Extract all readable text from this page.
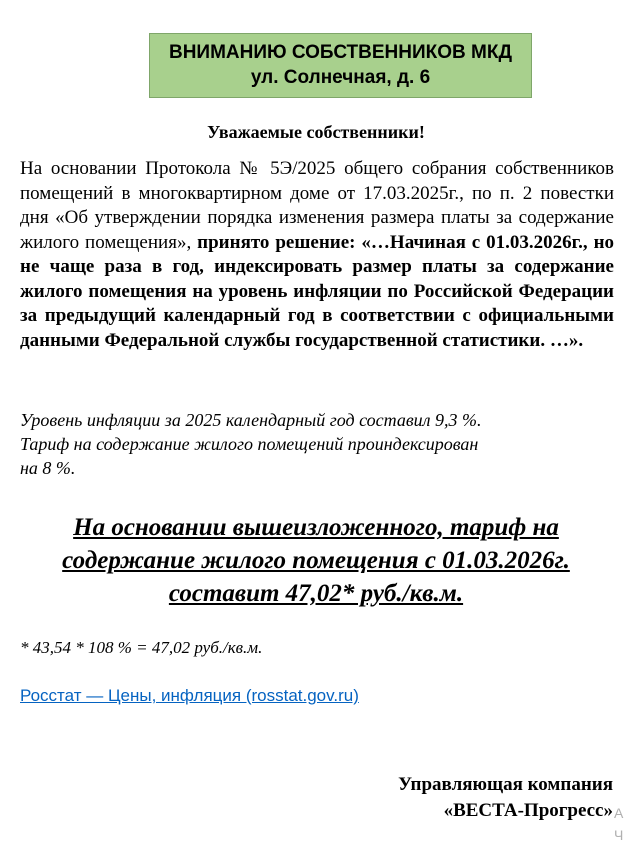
ВНИМАНИЮ СОБСТВЕННИКОВ МКД
ул. Солнечная, д. 6
Уважаемые собственники!
На основании Протокола № 5Э/2025 общего собрания собственников помещений в многоквартирном доме от 17.03.2025г., по п. 2 повестки дня «Об утверждении порядка изменения размера платы за содержание жилого помещения», принято решение: «…Начиная с 01.03.2026г., но не чаще раза в год, индексировать размер платы за содержание жилого помещения на уровень инфляции по Российской Федерации за предыдущий календарный год в соответствии с официальными данными Федеральной службы государственной статистики. …».
Уровень инфляции за 2025 календарный год составил 9,3 %.
Тариф на содержание жилого помещений проиндексирован
на 8 %.
На основании вышеизложенного, тариф на
содержание жилого помещения с 01.03.2026г.
составит 47,02* руб./кв.м.
* 43,54 * 108 % = 47,02 руб./кв.м.
Росстат — Цены, инфляция (rosstat.gov.ru)
Управляющая компания
«ВЕСТА-Прогресс» А
Ч
